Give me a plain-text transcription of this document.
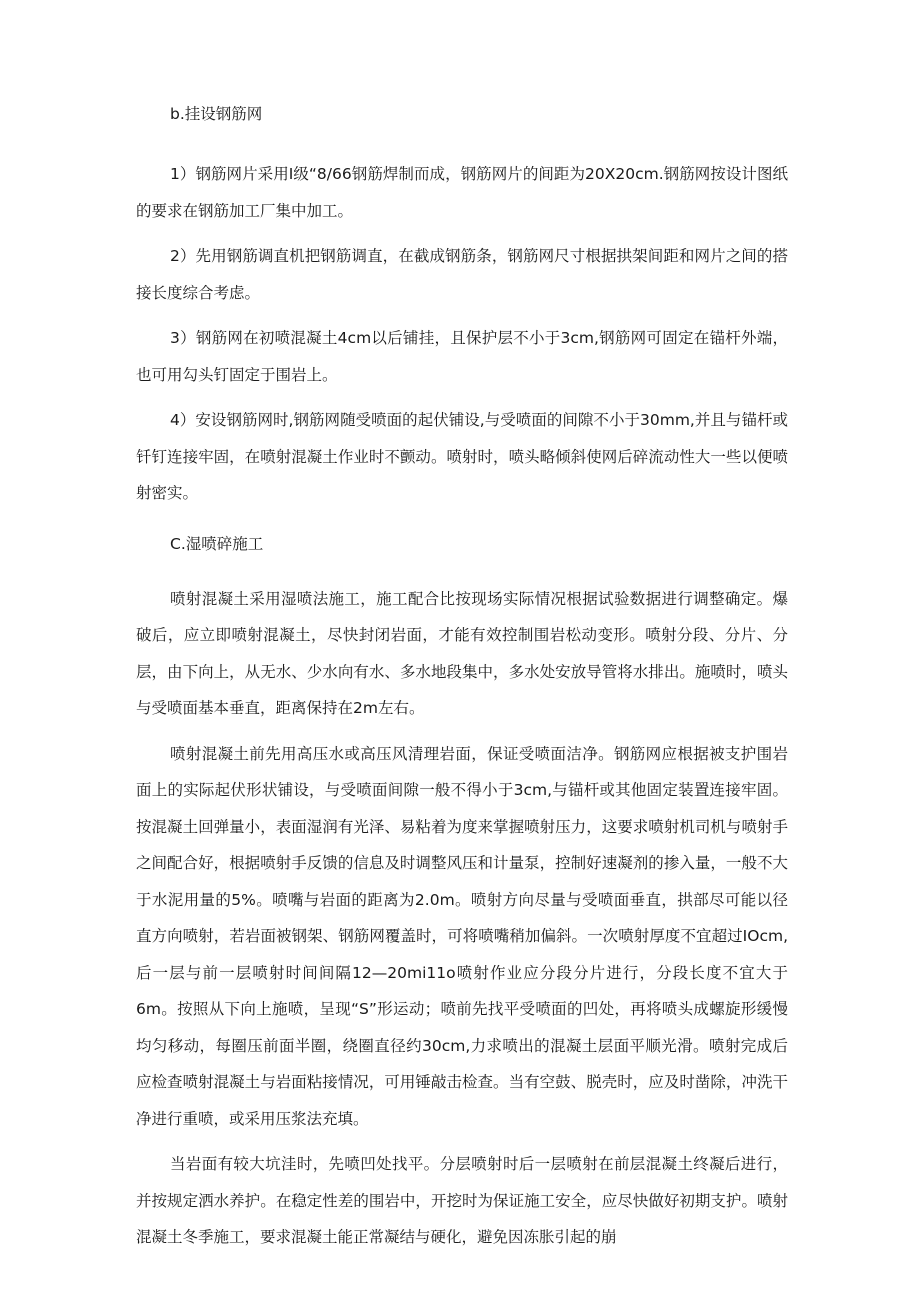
b.挂设钢筋网

1）钢筋网片采用Ⅰ级“8/66钢筋焊制而成，钢筋网片的间距为20X20cm.钢筋网按设计图纸的要求在钢筋加工厂集中加工。

2）先用钢筋调直机把钢筋调直，在截成钢筋条，钢筋网尺寸根据拱架间距和网片之间的搭接长度综合考虑。

3）钢筋网在初喷混凝土4cm以后铺挂，且保护层不小于3cm,钢筋网可固定在锚杆外端，也可用勾头钉固定于围岩上。

4）安设钢筋网时,钢筋网随受喷面的起伏铺设,与受喷面的间隙不小于30mm,并且与锚杆或钎钉连接牢固，在喷射混凝土作业时不颤动。喷射时，喷头略倾斜使网后碎流动性大一些以便喷射密实。

C.湿喷碎施工

喷射混凝土采用湿喷法施工，施工配合比按现场实际情况根据试验数据进行调整确定。爆破后，应立即喷射混凝土，尽快封闭岩面，才能有效控制围岩松动变形。喷射分段、分片、分层，由下向上，从无水、少水向有水、多水地段集中，多水处安放导管将水排出。施喷时，喷头与受喷面基本垂直，距离保持在2m左右。

喷射混凝土前先用高压水或高压风清理岩面，保证受喷面洁净。钢筋网应根据被支护围岩面上的实际起伏形状铺设，与受喷面间隙一般不得小于3cm,与锚杆或其他固定装置连接牢固。按混凝土回弹量小，表面湿润有光泽、易粘着为度来掌握喷射压力，这要求喷射机司机与喷射手之间配合好，根据喷射手反馈的信息及时调整风压和计量泵，控制好速凝剂的掺入量，一般不大于水泥用量的5%。喷嘴与岩面的距离为2.0m。喷射方向尽量与受喷面垂直，拱部尽可能以径直方向喷射，若岩面被钢架、钢筋网覆盖时，可将喷嘴稍加偏斜。一次喷射厚度不宜超过IOcm,后一层与前一层喷射时间间隔12—20mi11o喷射作业应分段分片进行，分段长度不宜大于6m。按照从下向上施喷，呈现“S”形运动；喷前先找平受喷面的凹处，再将喷头成螺旋形缓慢均匀移动，每圈压前面半圈，绕圈直径约30cm,力求喷出的混凝土层面平顺光滑。喷射完成后应检查喷射混凝土与岩面粘接情况，可用锤敲击检查。当有空鼓、脱壳时，应及时凿除，冲洗干净进行重喷，或采用压浆法充填。

当岩面有较大坑洼时，先喷凹处找平。分层喷射时后一层喷射在前层混凝土终凝后进行，并按规定洒水养护。在稳定性差的围岩中，开挖时为保证施工安全，应尽快做好初期支护。喷射混凝土冬季施工，要求混凝土能正常凝结与硬化，避免因冻胀引起的崩
